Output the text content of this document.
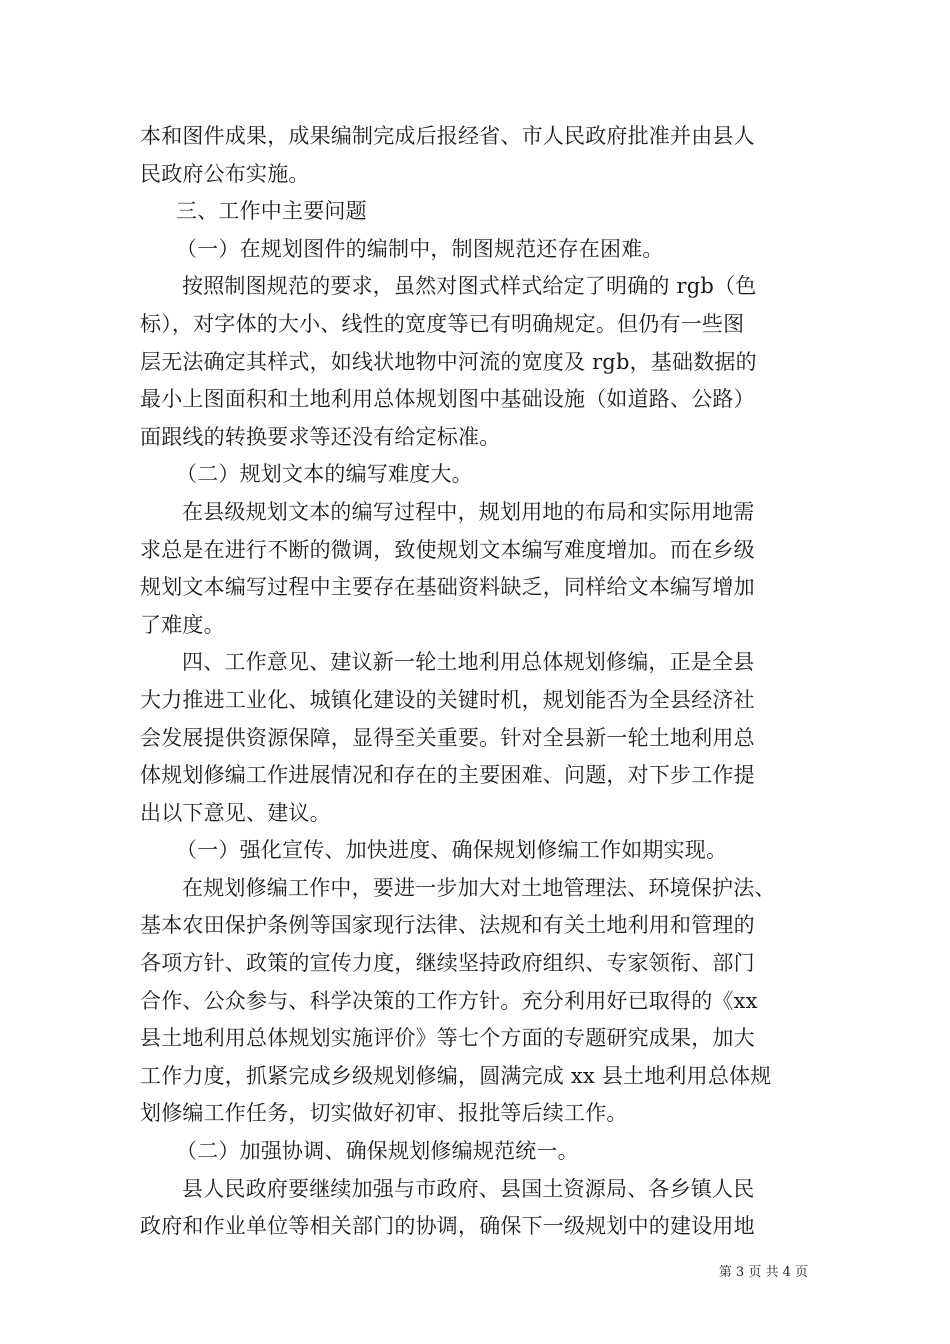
本和图件成果，成果编制完成后报经省、市人民政府批准并由县人
民政府公布实施。
三、工作中主要问题
（一）在规划图件的编制中，制图规范还存在困难。
按照制图规范的要求，虽然对图式样式给定了明确的 rgb（色
标），对字体的大小、线性的宽度等已有明确规定。但仍有一些图
层无法确定其样式，如线状地物中河流的宽度及 rgb，基础数据的
最小上图面积和土地利用总体规划图中基础设施（如道路、公路）
面跟线的转换要求等还没有给定标准。
（二）规划文本的编写难度大。
在县级规划文本的编写过程中，规划用地的布局和实际用地需
求总是在进行不断的微调，致使规划文本编写难度增加。而在乡级
规划文本编写过程中主要存在基础资料缺乏，同样给文本编写增加
了难度。
四、工作意见、建议新一轮土地利用总体规划修编，正是全县
大力推进工业化、城镇化建设的关键时机，规划能否为全县经济社
会发展提供资源保障，显得至关重要。针对全县新一轮土地利用总
体规划修编工作进展情况和存在的主要困难、问题，对下步工作提
出以下意见、建议。
（一）强化宣传、加快进度、确保规划修编工作如期实现。
在规划修编工作中，要进一步加大对土地管理法、环境保护法、
基本农田保护条例等国家现行法律、法规和有关土地利用和管理的
各项方针、政策的宣传力度，继续坚持政府组织、专家领衔、部门
合作、公众参与、科学决策的工作方针。充分利用好已取得的《xx
县土地利用总体规划实施评价》等七个方面的专题研究成果，加大
工作力度，抓紧完成乡级规划修编，圆满完成 xx 县土地利用总体规
划修编工作任务，切实做好初审、报批等后续工作。
（二）加强协调、确保规划修编规范统一。
县人民政府要继续加强与市政府、县国土资源局、各乡镇人民
政府和作业单位等相关部门的协调，确保下一级规划中的建设用地
第 3 页 共 4 页
